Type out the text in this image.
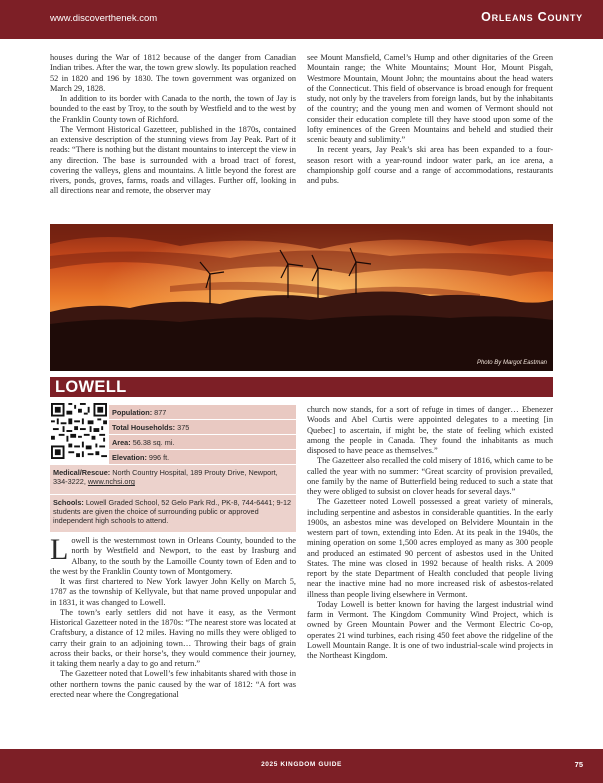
www.discoverthenek.com	Orleans County

houses during the War of 1812 because of the danger from Canadian Indian tribes. After the war, the town grew slowly. Its population reached 52 in 1820 and 196 by 1830. The town government was organized on March 29, 1828.

In addition to its border with Canada to the north, the town of Jay is bounded to the east by Troy, to the south by Westfield and to the west by the Franklin County town of Richford.

The Vermont Historical Gazetteer, published in the 1870s, contained an extensive description of the stunning views from Jay Peak. Part of it reads: “There is nothing but the distant mountains to intercept the view in any direction. The base is surrounded with a broad tract of forest, covering the valleys, glens and mountains. A little beyond the forest are rivers, ponds, groves, farms, roads and villages. Further off, looking in all directions near and remote, the observer may

see Mount Mansfield, Camel’s Hump and other dignitaries of the Green Mountain range; the White Mountains; Mount Hor, Mount Pisgah, Westmore Mountain, Mount John; the mountains about the head waters of the Connecticut. This field of observance is broad enough for frequent study, not only by the travelers from foreign lands, but by the inhabitants of the country; and the young men and women of Vermont should not consider their education complete till they have stood upon some of the lofty eminences of the Green Mountains and beheld and studied their scenic beauty and sublimity.”

In recent years, Jay Peak’s ski area has been expanded to a four-season resort with a year-round indoor water park, an ice arena, a championship golf course and a range of accommodations, restaurants and pubs.

Photo By Margot Eastman
LOWELL
Population: 877
Total Households: 375
Area: 56.38 sq. mi.
Elevation: 996 ft.
Medical/Rescue: North Country Hospital, 189 Prouty Drive, Newport, 334-3222, www.nchsi.org
Schools: Lowell Graded School, 52 Gelo Park Rd., PK-8, 744-6441; 9-12 students are given the choice of surrounding public or approved independent high schools to attend.

Lowell is the westernmost town in Orleans County, bounded to the north by Westfield and Newport, to the east by Irasburg and Albany, to the south by the Lamoille County town of Eden and to the west by the Franklin County town of Montgomery.

It was first chartered to New York lawyer John Kelly on March 5, 1787 as the township of Kellyvale, but that name proved unpopular and in 1831, it was changed to Lowell.

The town’s early settlers did not have it easy, as the Vermont Historical Gazetteer noted in the 1870s: “The nearest store was located at Craftsbury, a distance of 12 miles. Having no mills they were obliged to carry their grain to an adjoining town… Throwing their bags of grain across their backs, or their horse’s, they would commence their journey, it taking them nearly a day to go and return.”

The Gazetteer noted that Lowell’s few inhabitants shared with those in other northern towns the panic caused by the war of 1812: “A fort was erected near where the Congregational

church now stands, for a sort of refuge in times of danger… Ebenezer Woods and Abel Curtis were appointed delegates to a meeting [in Quebec] to ascertain, if might be, the state of feeling which existed among the people in Canada. They found the inhabitants as much disposed to have peace as themselves.”

The Gazetteer also recalled the cold misery of 1816, which came to be called the year with no summer: “Great scarcity of provision prevailed, one family by the name of Butterfield being reduced to such a state that they were obliged to subsist on clover heads for several days.”

The Gazetteer noted Lowell possessed a great variety of minerals, including serpentine and asbestos in considerable quantities. In the early 1900s, an asbestos mine was developed on Belvidere Mountain in the western part of town, extending into Eden. At its peak in the 1940s, the mining operation on some 1,500 acres employed as many as 300 people and produced an estimated 90 percent of asbestos used in the United States. The mine was closed in 1992 because of health risks. A 2009 report by the state Department of Health concluded that people living near the inactive mine had no more increased risk of asbestos-related illness than people living elsewhere in Vermont.

Today Lowell is better known for having the largest industrial wind farm in Vermont. The Kingdom Community Wind Project, which is owned by Green Mountain Power and the Vermont Electric Co-op, operates 21 wind turbines, each rising 450 feet above the ridgeline of the Lowell Mountain Range. It is one of two industrial-scale wind projects in the Northeast Kingdom.

2025 KINGDOM GUIDE	75
